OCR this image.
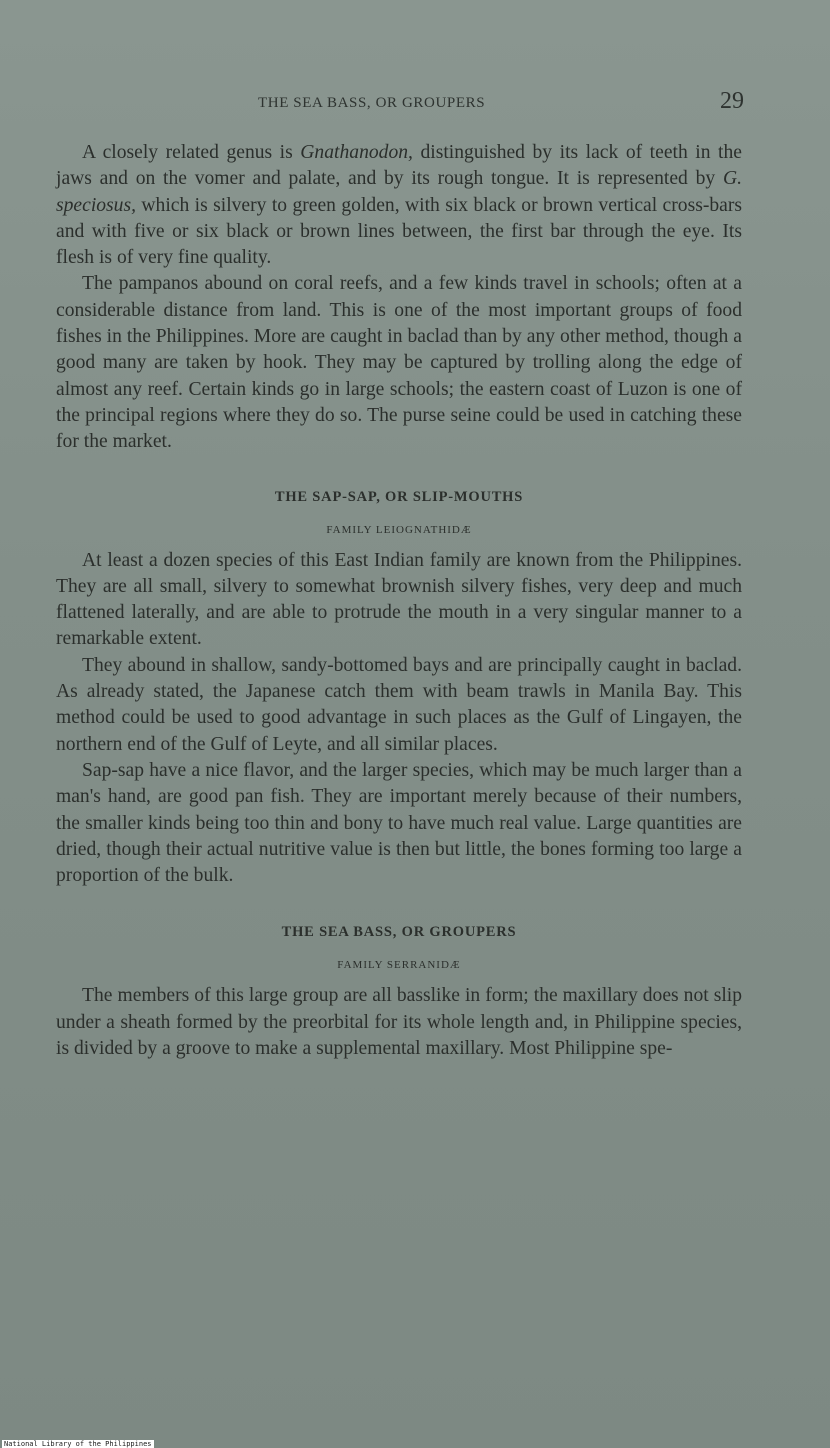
THE SEA BASS, OR GROUPERS	29

A closely related genus is Gnathanodon, distinguished by its lack of teeth in the jaws and on the vomer and palate, and by its rough tongue. It is represented by G. speciosus, which is silvery to green golden, with six black or brown vertical cross-bars and with five or six black or brown lines between, the first bar through the eye. Its flesh is of very fine quality.

The pampanos abound on coral reefs, and a few kinds travel in schools; often at a considerable distance from land. This is one of the most important groups of food fishes in the Philippines. More are caught in baclad than by any other method, though a good many are taken by hook. They may be captured by trolling along the edge of almost any reef. Certain kinds go in large schools; the eastern coast of Luzon is one of the principal regions where they do so. The purse seine could be used in catching these for the market.

THE SAP-SAP, OR SLIP-MOUTHS
FAMILY LEIOGNATHIDÆ

At least a dozen species of this East Indian family are known from the Philippines. They are all small, silvery to somewhat brownish silvery fishes, very deep and much flattened laterally, and are able to protrude the mouth in a very singular manner to a remarkable extent.

They abound in shallow, sandy-bottomed bays and are principally caught in baclad. As already stated, the Japanese catch them with beam trawls in Manila Bay. This method could be used to good advantage in such places as the Gulf of Lingayen, the northern end of the Gulf of Leyte, and all similar places.

Sap-sap have a nice flavor, and the larger species, which may be much larger than a man's hand, are good pan fish. They are important merely because of their numbers, the smaller kinds being too thin and bony to have much real value. Large quantities are dried, though their actual nutritive value is then but little, the bones forming too large a proportion of the bulk.

THE SEA BASS, OR GROUPERS
FAMILY SERRANIDÆ

The members of this large group are all basslike in form; the maxillary does not slip under a sheath formed by the preorbital for its whole length and, in Philippine species, is divided by a groove to make a supplemental maxillary. Most Philippine spe-

National Library of the Philippines
